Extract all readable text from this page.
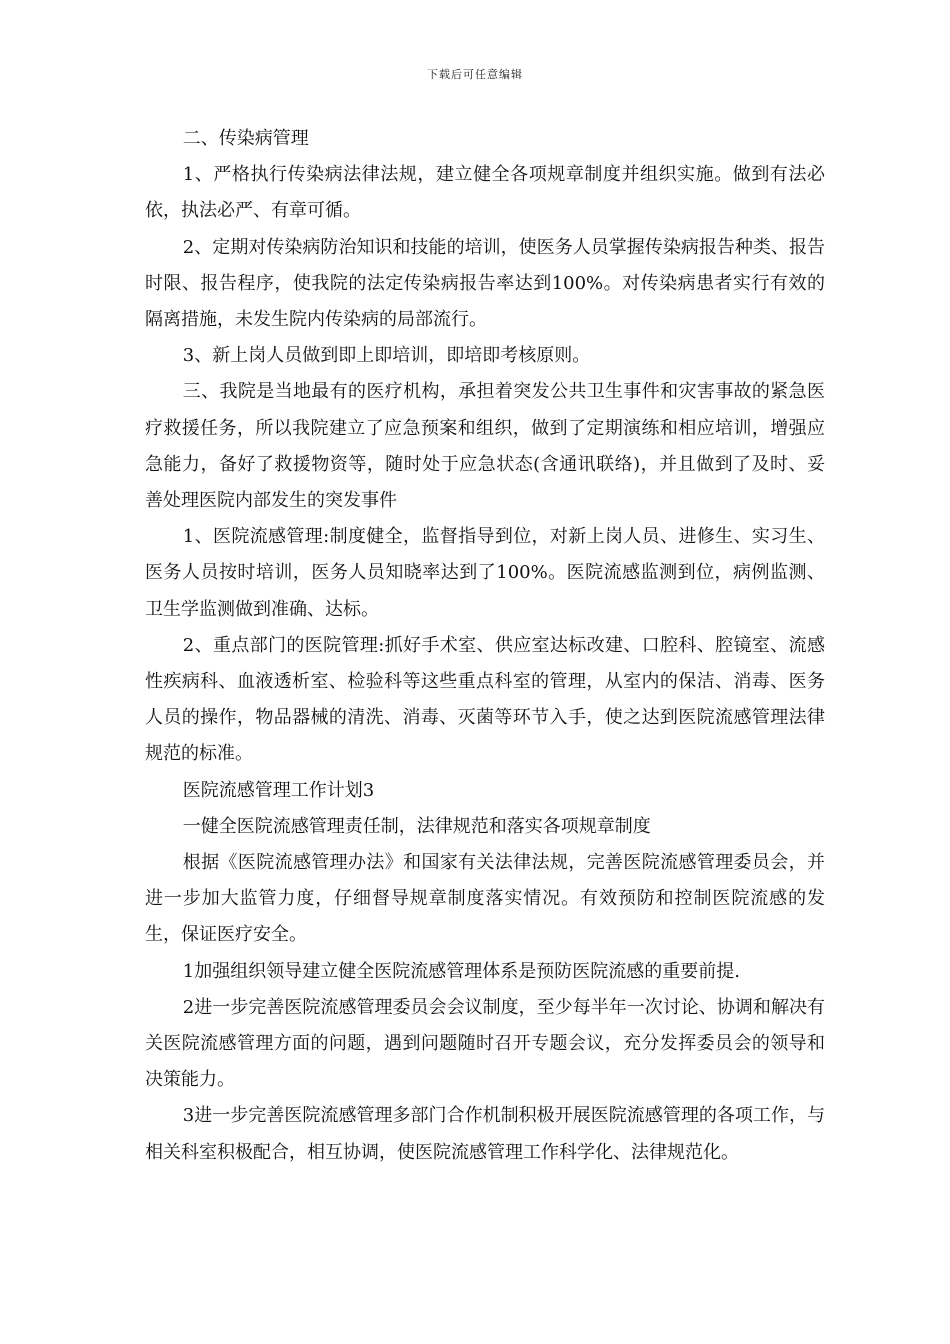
下载后可任意编辑

二、传染病管理

1、严格执行传染病法律法规，建立健全各项规章制度并组织实施。做到有法必依，执法必严、有章可循。

2、定期对传染病防治知识和技能的培训，使医务人员掌握传染病报告种类、报告时限、报告程序，使我院的法定传染病报告率达到100%。对传染病患者实行有效的隔离措施，未发生院内传染病的局部流行。

3、新上岗人员做到即上即培训，即培即考核原则。

三、我院是当地最有的医疗机构，承担着突发公共卫生事件和灾害事故的紧急医疗救援任务，所以我院建立了应急预案和组织，做到了定期演练和相应培训，增强应急能力，备好了救援物资等，随时处于应急状态(含通讯联络)，并且做到了及时、妥善处理医院内部发生的突发事件

1、医院流感管理:制度健全，监督指导到位，对新上岗人员、进修生、实习生、医务人员按时培训，医务人员知晓率达到了100%。医院流感监测到位，病例监测、卫生学监测做到准确、达标。

2、重点部门的医院管理:抓好手术室、供应室达标改建、口腔科、腔镜室、流感性疾病科、血液透析室、检验科等这些重点科室的管理，从室内的保洁、消毒、医务人员的操作，物品器械的清洗、消毒、灭菌等环节入手，使之达到医院流感管理法律规范的标准。

医院流感管理工作计划3

一健全医院流感管理责任制，法律规范和落实各项规章制度

根据《医院流感管理办法》和国家有关法律法规，完善医院流感管理委员会，并进一步加大监管力度，仔细督导规章制度落实情况。有效预防和控制医院流感的发生，保证医疗安全。

1加强组织领导建立健全医院流感管理体系是预防医院流感的重要前提.

2进一步完善医院流感管理委员会会议制度，至少每半年一次讨论、协调和解决有关医院流感管理方面的问题，遇到问题随时召开专题会议，充分发挥委员会的领导和决策能力。

3进一步完善医院流感管理多部门合作机制积极开展医院流感管理的各项工作，与相关科室积极配合，相互协调，使医院流感管理工作科学化、法律规范化。
